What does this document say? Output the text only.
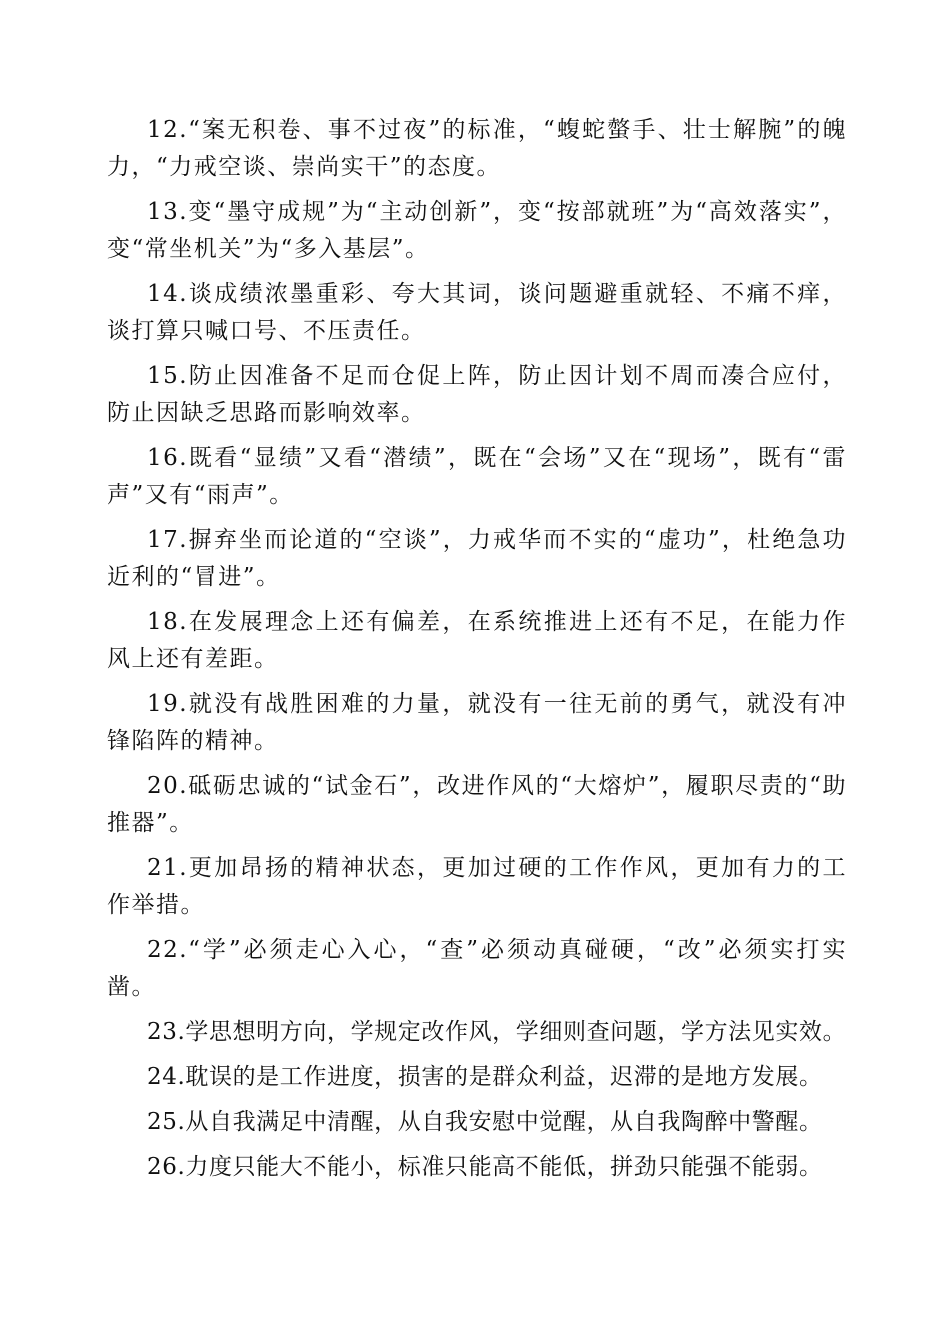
12.“案无积卷、事不过夜”的标准，“蝮蛇螫手、壮士解腕”的魄力，“力戒空谈、崇尚实干”的态度。

13.变“墨守成规”为“主动创新”，变“按部就班”为“高效落实”，变“常坐机关”为“多入基层”。

14.谈成绩浓墨重彩、夸大其词，谈问题避重就轻、不痛不痒，谈打算只喊口号、不压责任。

15.防止因准备不足而仓促上阵，防止因计划不周而凑合应付，防止因缺乏思路而影响效率。

16.既看“显绩”又看“潜绩”，既在“会场”又在“现场”，既有“雷声”又有“雨声”。

17.摒弃坐而论道的“空谈”，力戒华而不实的“虚功”，杜绝急功近利的“冒进”。

18.在发展理念上还有偏差，在系统推进上还有不足，在能力作风上还有差距。

19.就没有战胜困难的力量，就没有一往无前的勇气，就没有冲锋陷阵的精神。

20.砥砺忠诚的“试金石”，改进作风的“大熔炉”，履职尽责的“助推器”。

21.更加昂扬的精神状态，更加过硬的工作作风，更加有力的工作举措。

22.“学”必须走心入心，“查”必须动真碰硬，“改”必须实打实凿。

23.学思想明方向，学规定改作风，学细则查问题，学方法见实效。

24.耽误的是工作进度，损害的是群众利益，迟滞的是地方发展。

25.从自我满足中清醒，从自我安慰中觉醒，从自我陶醉中警醒。

26.力度只能大不能小，标准只能高不能低，拼劲只能强不能弱。
